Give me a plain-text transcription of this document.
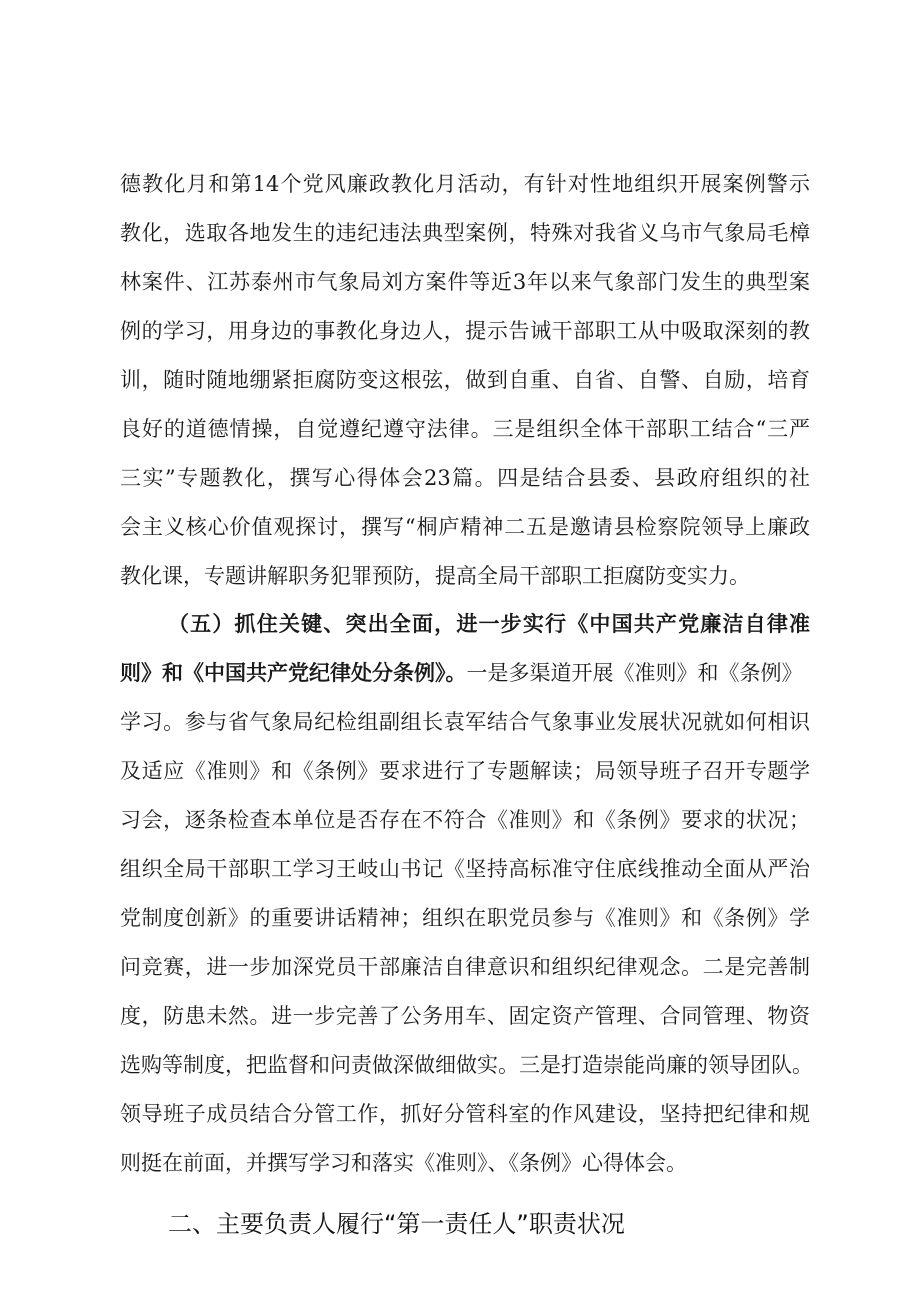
德教化月和第14个党风廉政教化月活动，有针对性地组织开展案例警示
教化，选取各地发生的违纪违法典型案例，特殊对我省义乌市气象局毛樟
林案件、江苏泰州市气象局刘方案件等近3年以来气象部门发生的典型案
例的学习，用身边的事教化身边人，提示告诫干部职工从中吸取深刻的教
训，随时随地绷紧拒腐防变这根弦，做到自重、自省、自警、自励，培育
良好的道德情操，自觉遵纪遵守法律。三是组织全体干部职工结合“三严
三实”专题教化，撰写心得体会23篇。四是结合县委、县政府组织的社
会主义核心价值观探讨，撰写“桐庐精神二五是邀请县检察院领导上廉政
教化课，专题讲解职务犯罪预防，提高全局干部职工拒腐防变实力。
（五）抓住关键、突出全面，进一步实行《中国共产党廉洁自律准
则》和《中国共产党纪律处分条例》。一是多渠道开展《准则》和《条例》
学习。参与省气象局纪检组副组长袁军结合气象事业发展状况就如何相识
及适应《准则》和《条例》要求进行了专题解读；局领导班子召开专题学
习会，逐条检查本单位是否存在不符合《准则》和《条例》要求的状况；
组织全局干部职工学习王岐山书记《坚持高标准守住底线推动全面从严治
党制度创新》的重要讲话精神；组织在职党员参与《准则》和《条例》学
问竞赛，进一步加深党员干部廉洁自律意识和组织纪律观念。二是完善制
度，防患未然。进一步完善了公务用车、固定资产管理、合同管理、物资
选购等制度，把监督和问责做深做细做实。三是打造崇能尚廉的领导团队。
领导班子成员结合分管工作，抓好分管科室的作风建设，坚持把纪律和规
则挺在前面，并撰写学习和落实《准则》、《条例》心得体会。
二、主要负责人履行“第一责任人”职责状况
